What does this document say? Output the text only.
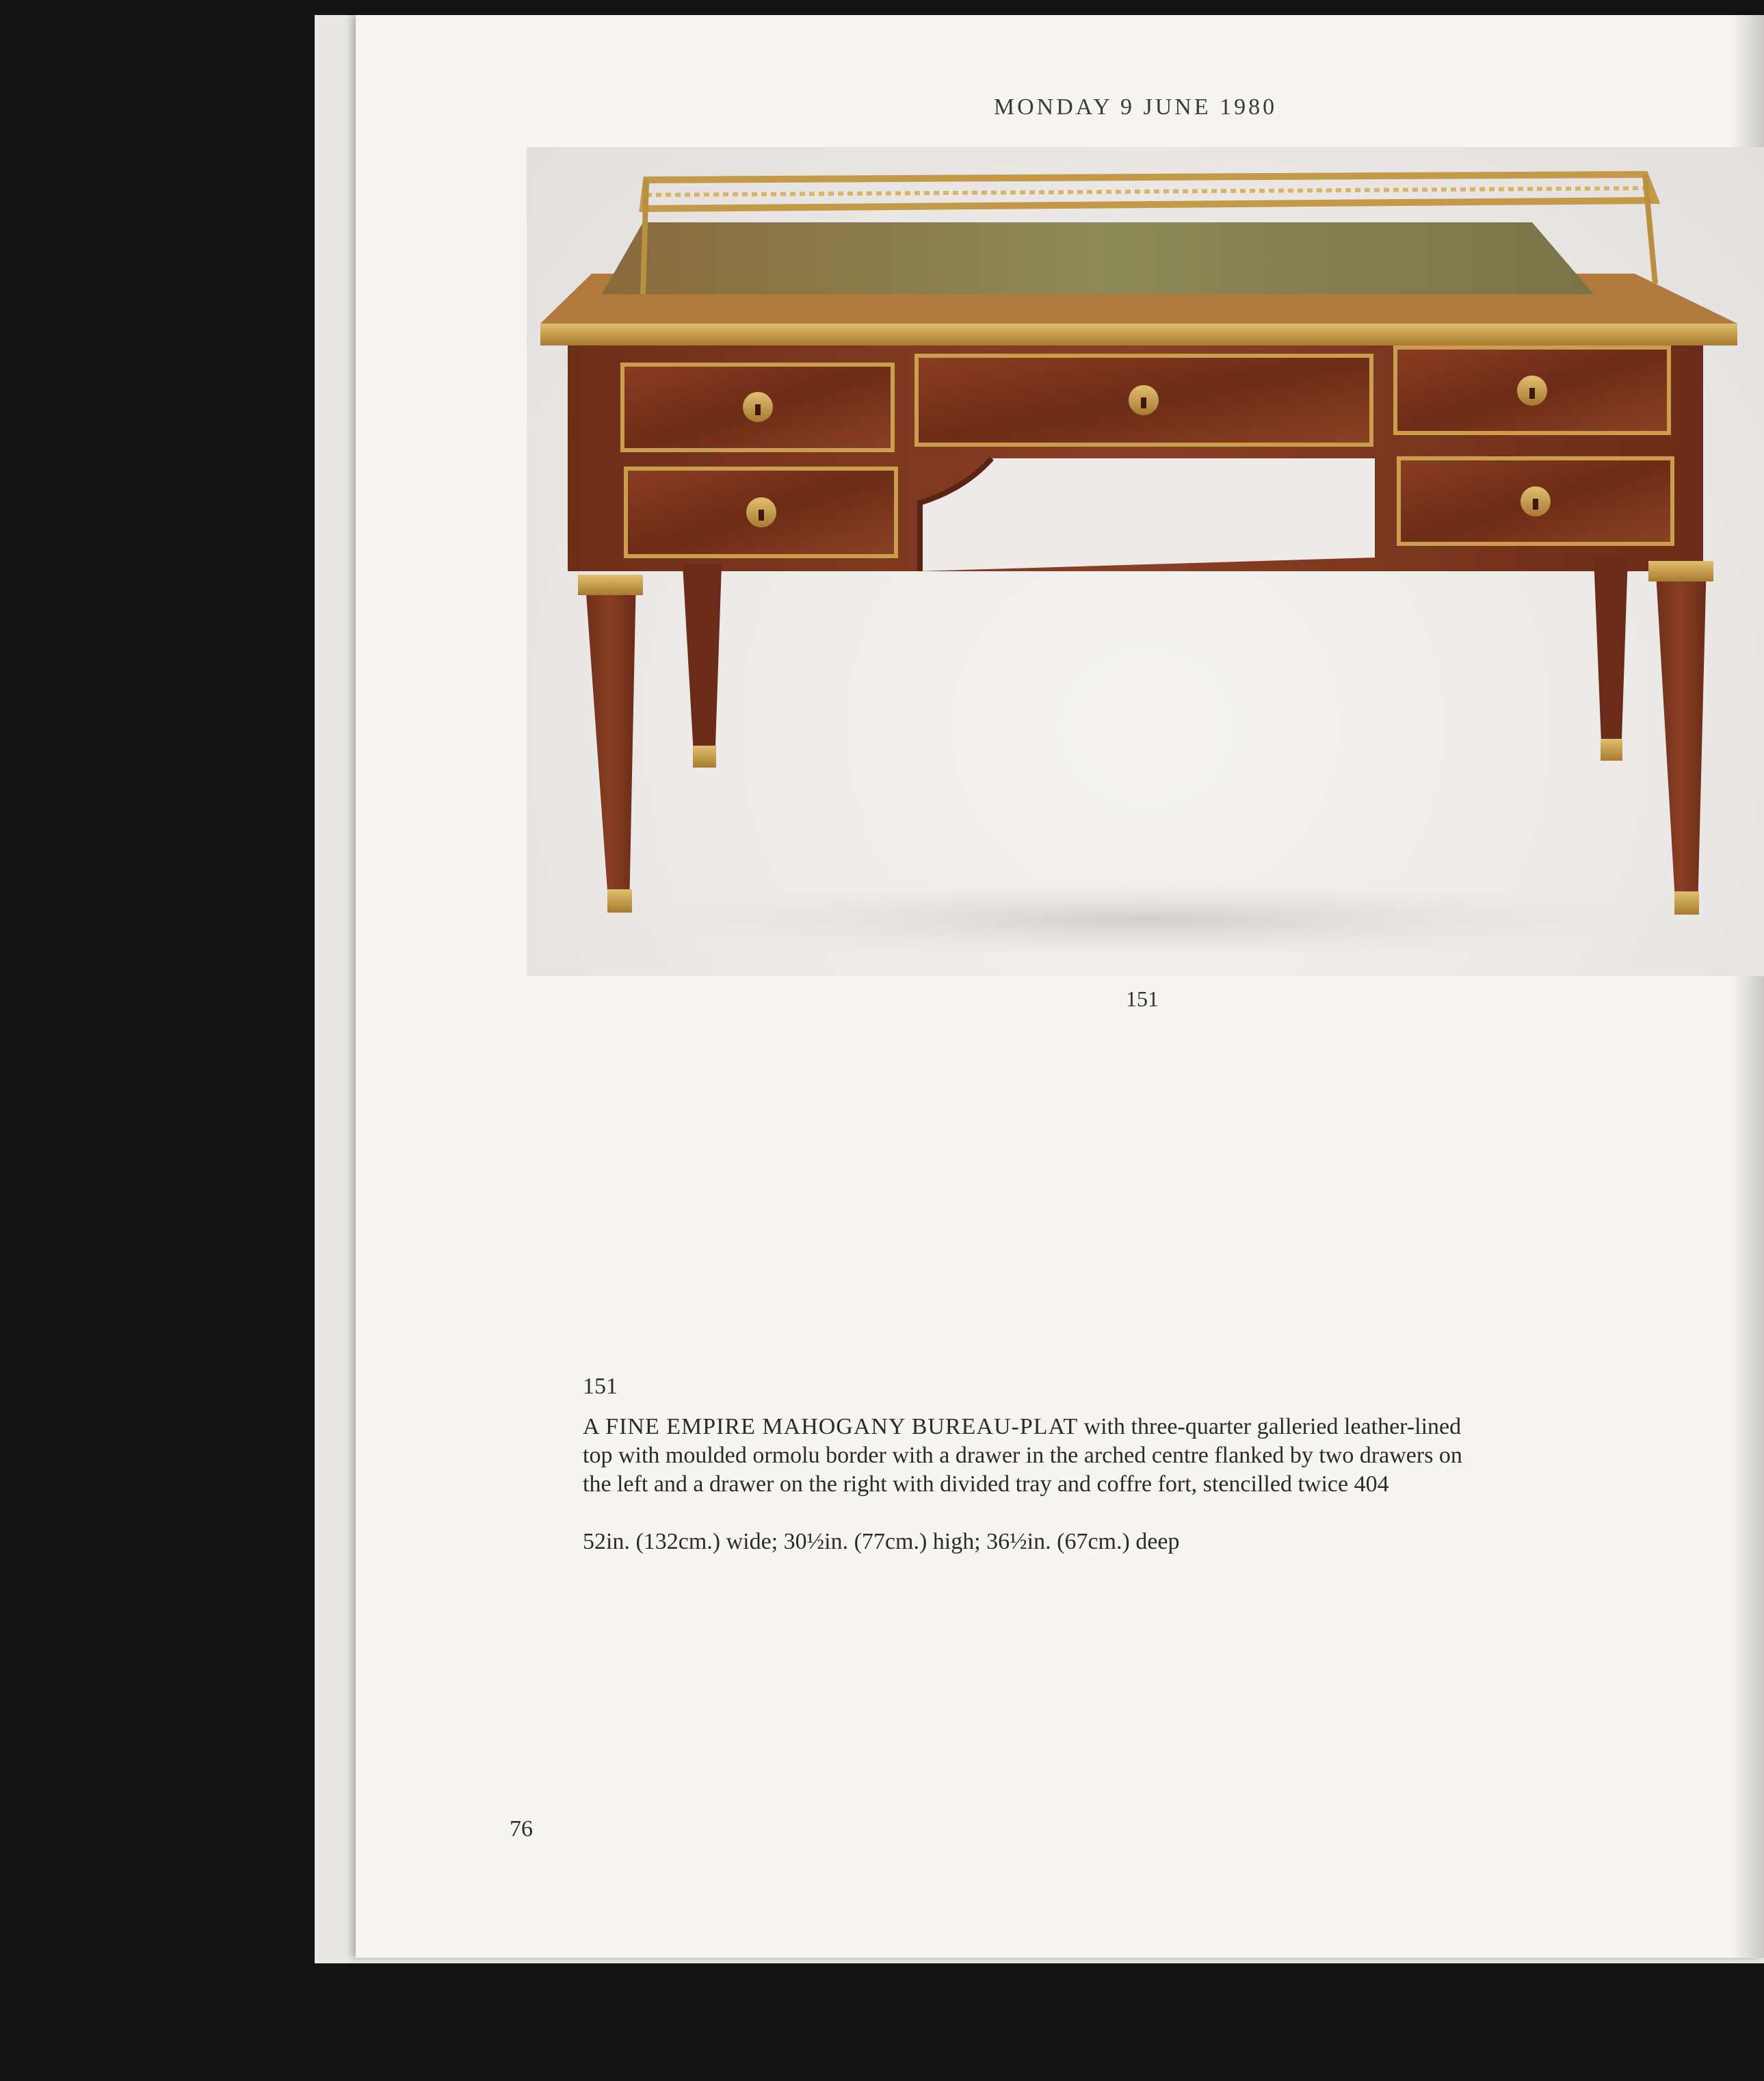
MONDAY 9 JUNE 1980
151
151
A FINE EMPIRE MAHOGANY BUREAU-PLAT with three-quarter galleried leather-lined top with moulded ormolu border with a drawer in the arched centre flanked by two drawers on the left and a drawer on the right with divided tray and coffre fort, stencilled twice 404
52in. (132cm.) wide; 30½in. (77cm.) high; 36½in. (67cm.) deep
76
